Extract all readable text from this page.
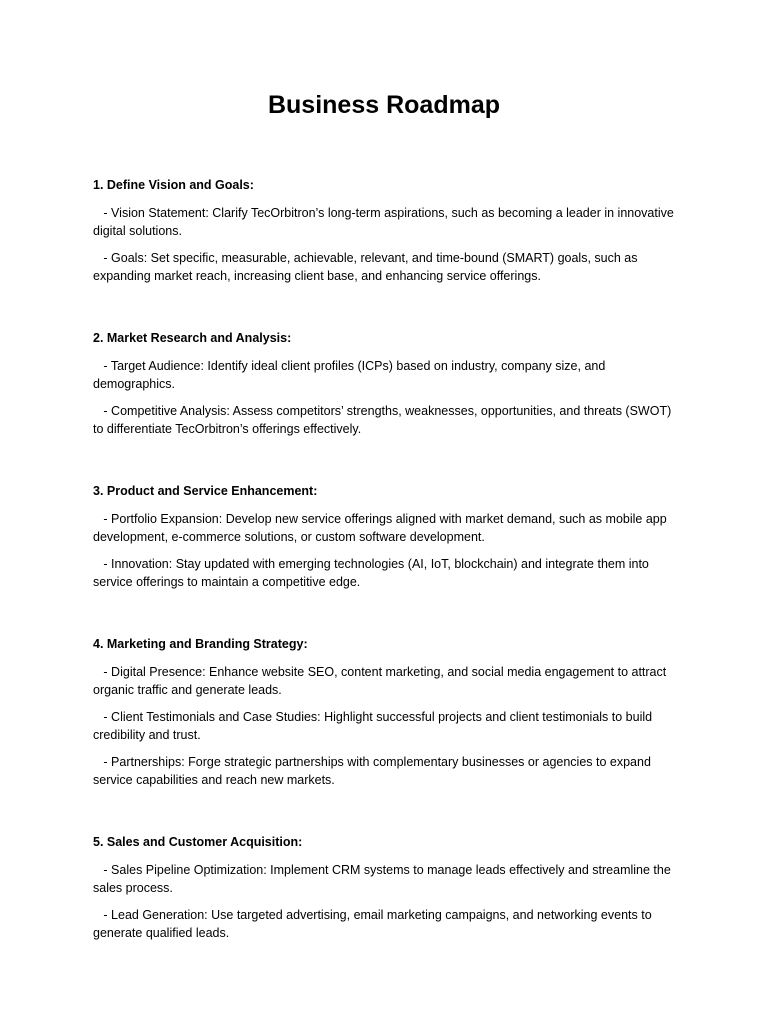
Business Roadmap
1. Define Vision and Goals:

- Vision Statement: Clarify TecOrbitron’s long-term aspirations, such as becoming a leader in innovative digital solutions.

- Goals: Set specific, measurable, achievable, relevant, and time-bound (SMART) goals, such as expanding market reach, increasing client base, and enhancing service offerings.

2. Market Research and Analysis:

- Target Audience: Identify ideal client profiles (ICPs) based on industry, company size, and demographics.

- Competitive Analysis: Assess competitors’ strengths, weaknesses, opportunities, and threats (SWOT) to differentiate TecOrbitron’s offerings effectively.

3. Product and Service Enhancement:

- Portfolio Expansion: Develop new service offerings aligned with market demand, such as mobile app development, e-commerce solutions, or custom software development.

- Innovation: Stay updated with emerging technologies (AI, IoT, blockchain) and integrate them into service offerings to maintain a competitive edge.

4. Marketing and Branding Strategy:

- Digital Presence: Enhance website SEO, content marketing, and social media engagement to attract organic traffic and generate leads.

- Client Testimonials and Case Studies: Highlight successful projects and client testimonials to build credibility and trust.

- Partnerships: Forge strategic partnerships with complementary businesses or agencies to expand service capabilities and reach new markets.

5. Sales and Customer Acquisition:

- Sales Pipeline Optimization: Implement CRM systems to manage leads effectively and streamline the sales process.

- Lead Generation: Use targeted advertising, email marketing campaigns, and networking events to generate qualified leads.
